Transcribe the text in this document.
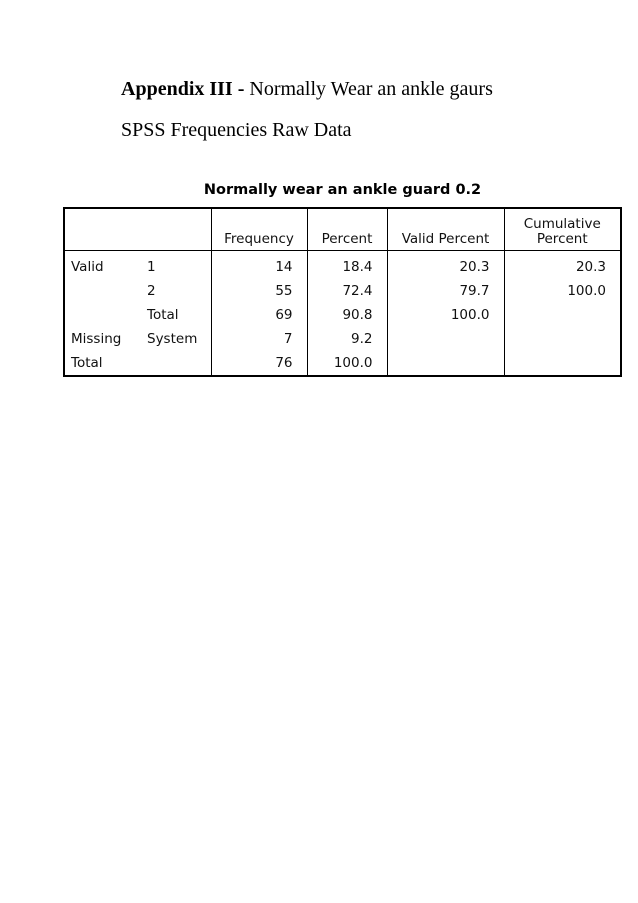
Appendix III - Normally Wear an ankle gaurs
SPSS Frequencies Raw Data
Normally wear an ankle guard 0.2
		Frequency	Percent	Valid Percent	Cumulative
Percent

Valid	1	14	18.4	20.3	20.3
	2	55	72.4	79.7	100.0
	Total	69	90.8	100.0	
Missing	System	7	9.2		
Total		76	100.0		
